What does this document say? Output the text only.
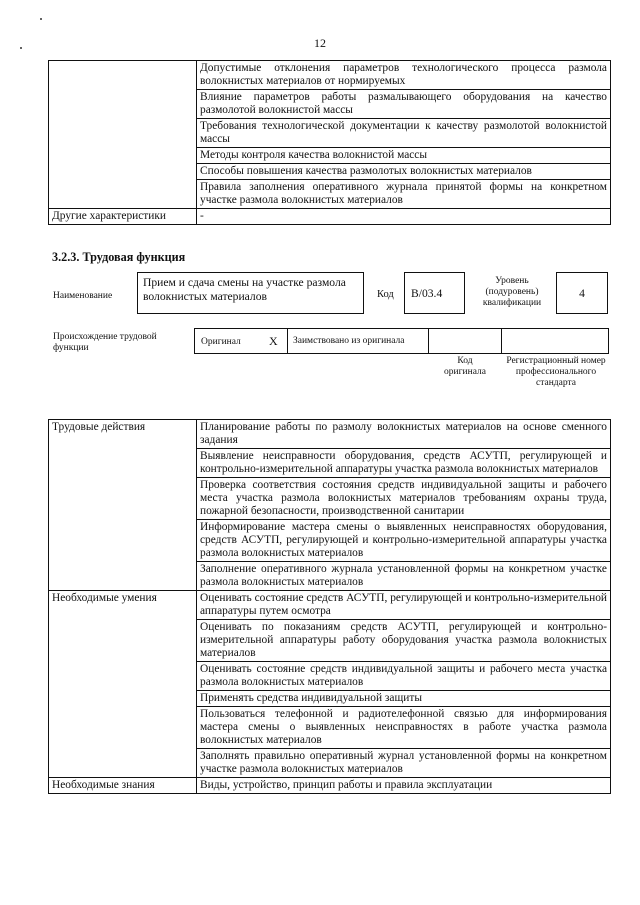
12
	Допустимые отклонения параметров технологического процесса размола волокнистых материалов от нормируемых
	Влияние параметров работы размалывающего оборудования на качество размолотой волокнистой массы
	Требования технологической документации к качеству размолотой волокнистой массы
	Методы контроля качества волокнистой массы
	Способы повышения качества размолотых волокнистых материалов
	Правила заполнения оперативного журнала принятой формы на конкретном участке размола волокнистых материалов
Другие характеристики	-
3.2.3. Трудовая функция
Наименование
Прием и сдача смены на участке размола волокнистых материалов	Код	B/03.4
Уровень (подуровень) квалификации
4
Происхождение трудовой функции
Оригинал X Заимствовано из оригинала
Код оригинала
Регистрационный номер профессионального стандарта
Трудовые действия	Планирование работы по размолу волокнистых материалов на основе сменного задания
	Выявление неисправности оборудования, средств АСУТП, регулирующей и контрольно-измерительной аппаратуры участка размола волокнистых материалов
	Проверка соответствия состояния средств индивидуальной защиты и рабочего места участка размола волокнистых материалов требованиям охраны труда, пожарной безопасности, производственной санитарии
	Информирование мастера смены о выявленных неисправностях оборудования, средств АСУТП, регулирующей и контрольно-измерительной аппаратуры участка размола волокнистых материалов
	Заполнение оперативного журнала установленной формы на конкретном участке размола волокнистых материалов
Необходимые умения	Оценивать состояние средств АСУТП, регулирующей и контрольно-измерительной аппаратуры путем осмотра
	Оценивать по показаниям средств АСУТП, регулирующей и контрольно-измерительной аппаратуры работу оборудования участка размола волокнистых материалов
	Оценивать состояние средств индивидуальной защиты и рабочего места участка размола волокнистых материалов
	Применять средства индивидуальной защиты
	Пользоваться телефонной и радиотелефонной связью для информирования мастера смены о выявленных неисправностях в работе участка размола волокнистых материалов
	Заполнять правильно оперативный журнал установленной формы на конкретном участке размола волокнистых материалов
Необходимые знания	Виды, устройство, принцип работы и правила эксплуатации
